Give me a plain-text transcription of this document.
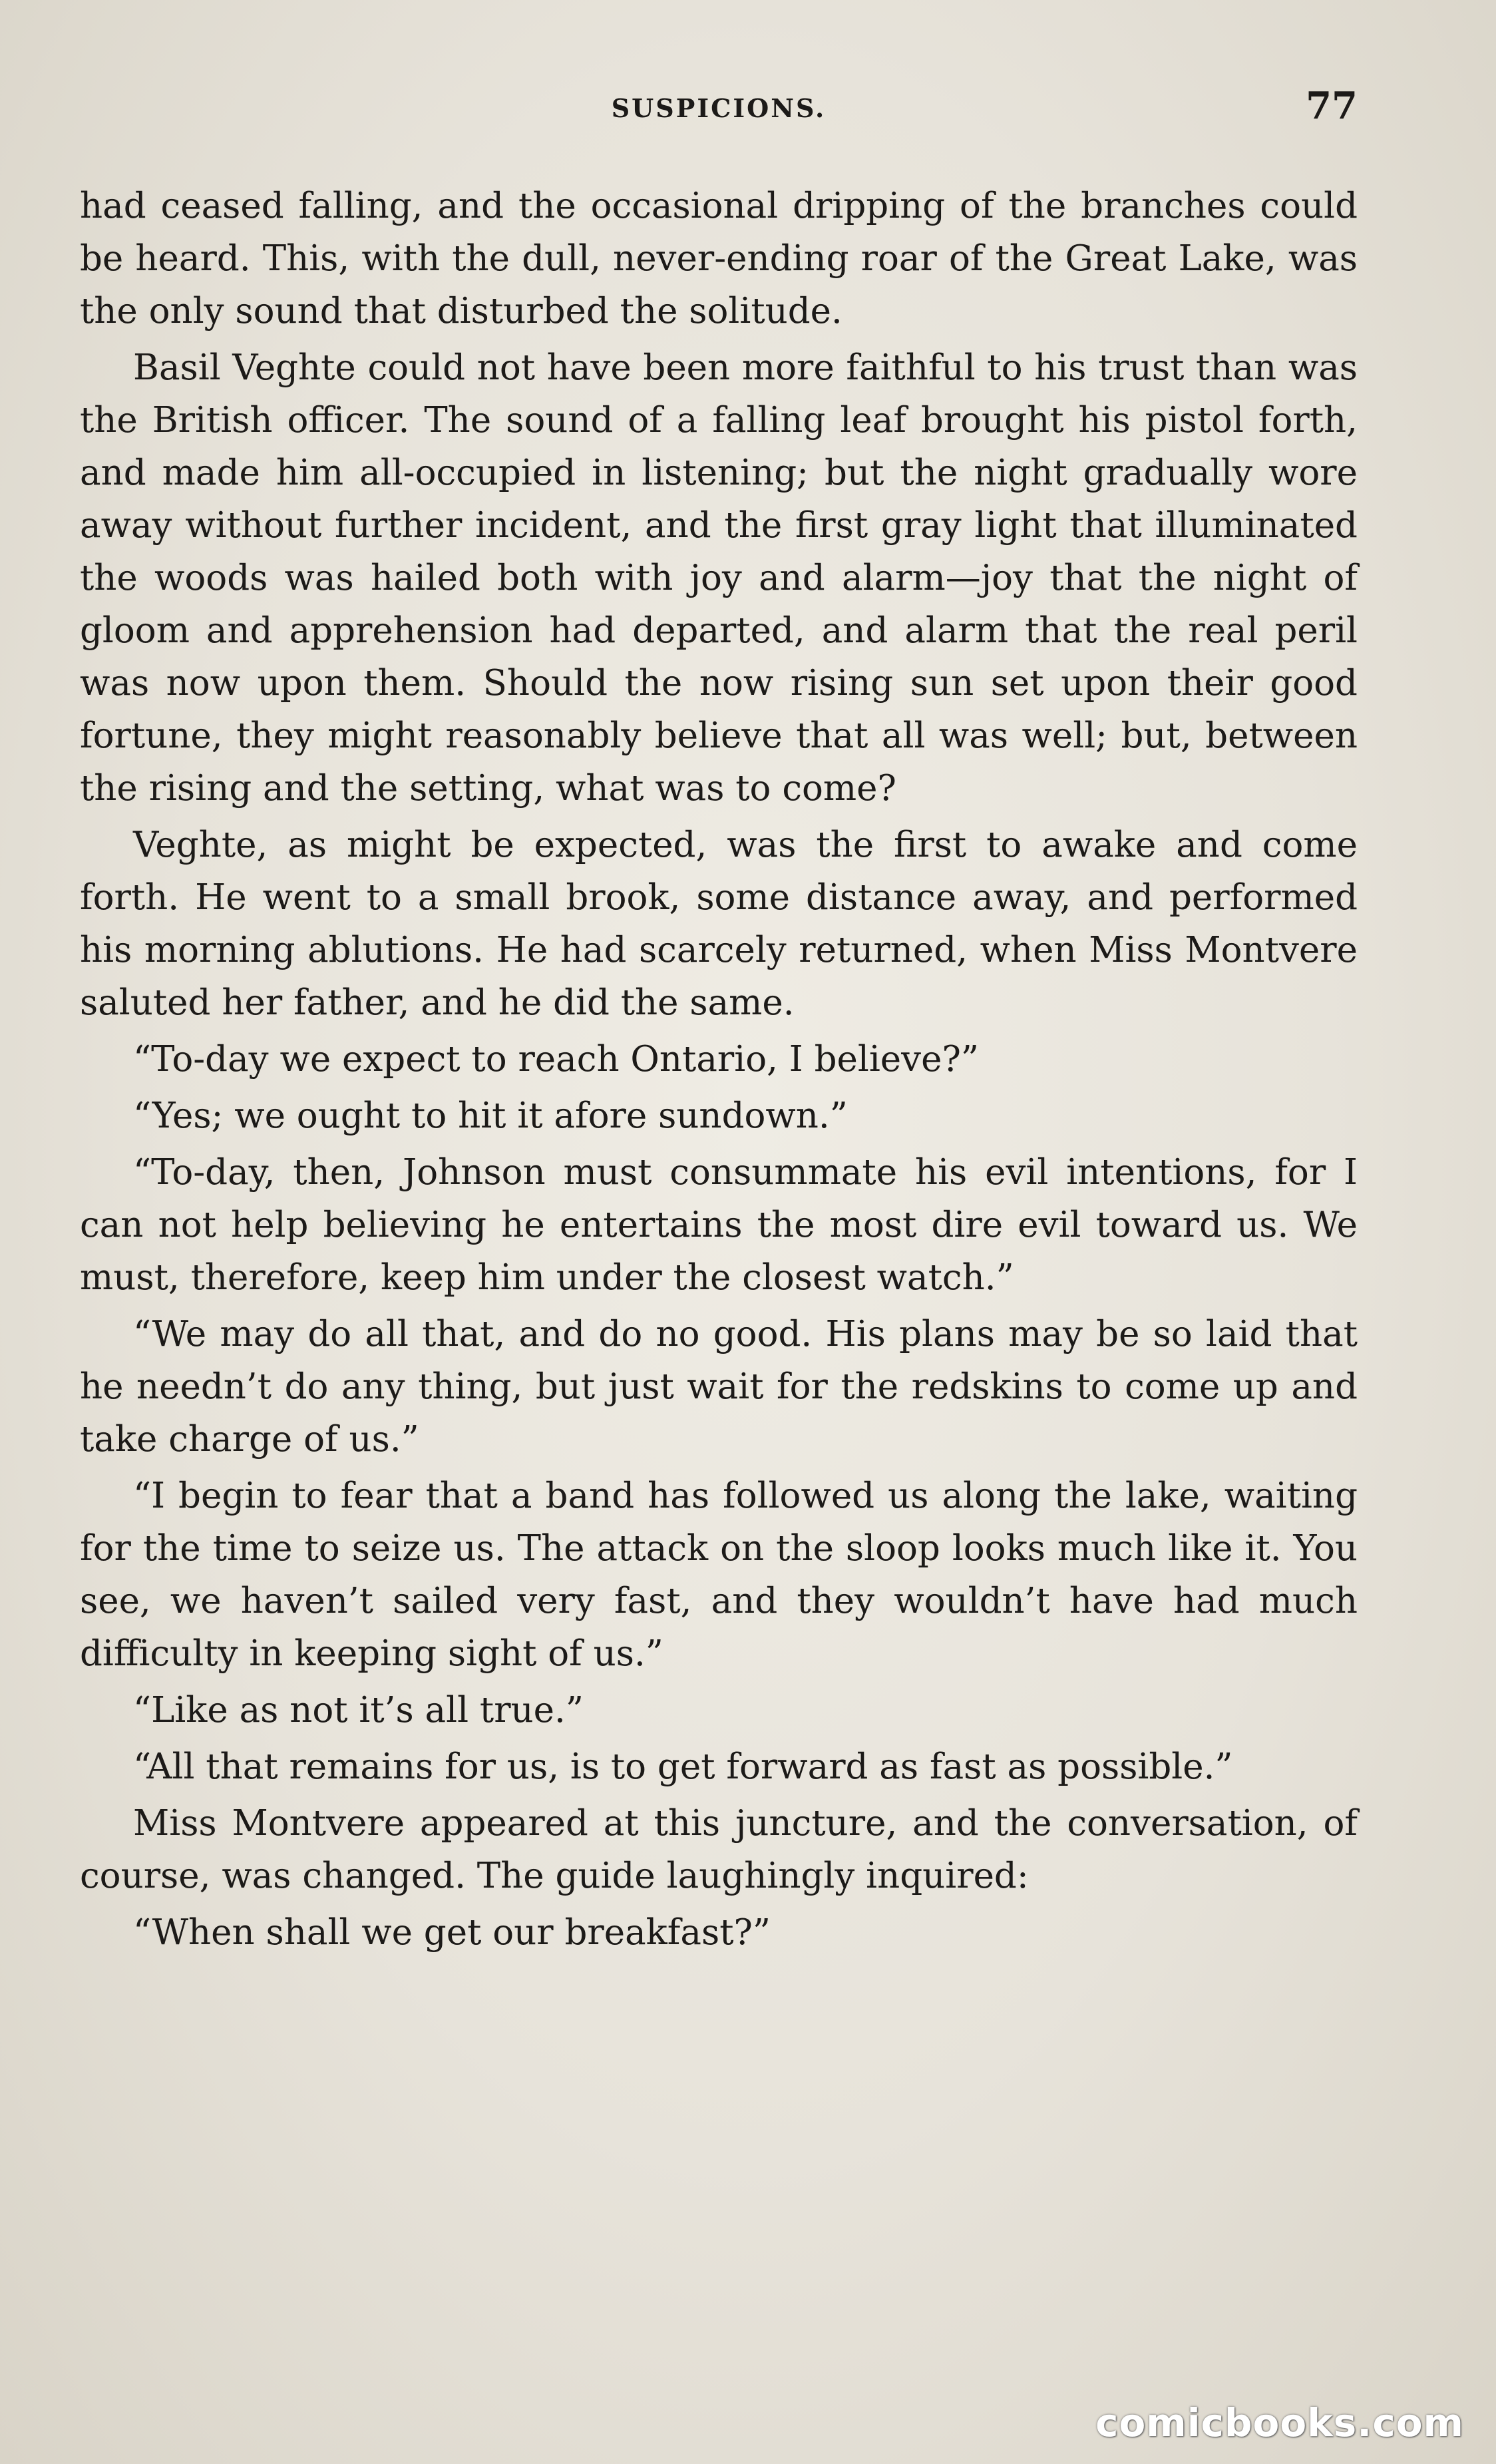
SUSPICIONS.	77

had ceased falling, and the occasional dripping of the branches could be heard. This, with the dull, never-ending roar of the Great Lake, was the only sound that disturbed the solitude.

Basil Veghte could not have been more faithful to his trust than was the British officer. The sound of a falling leaf brought his pistol forth, and made him all-occupied in listening; but the night gradually wore away without further incident, and the first gray light that illuminated the woods was hailed both with joy and alarm—joy that the night of gloom and apprehension had departed, and alarm that the real peril was now upon them. Should the now rising sun set upon their good fortune, they might reasonably believe that all was well; but, between the rising and the setting, what was to come?

Veghte, as might be expected, was the first to awake and come forth. He went to a small brook, some distance away, and performed his morning ablutions. He had scarcely returned, when Miss Montvere saluted her father, and he did the same.

“To-day we expect to reach Ontario, I believe?”

“Yes; we ought to hit it afore sundown.”

“To-day, then, Johnson must consummate his evil intentions, for I can not help believing he entertains the most dire evil toward us. We must, therefore, keep him under the closest watch.”

“We may do all that, and do no good. His plans may be so laid that he needn’t do any thing, but just wait for the redskins to come up and take charge of us.”

“I begin to fear that a band has followed us along the lake, waiting for the time to seize us. The attack on the sloop looks much like it. You see, we haven’t sailed very fast, and they wouldn’t have had much difficulty in keeping sight of us.”

“Like as not it’s all true.”

“All that remains for us, is to get forward as fast as possible.”

Miss Montvere appeared at this juncture, and the conversation, of course, was changed. The guide laughingly inquired:

“When shall we get our breakfast?”

comicbooks.com
